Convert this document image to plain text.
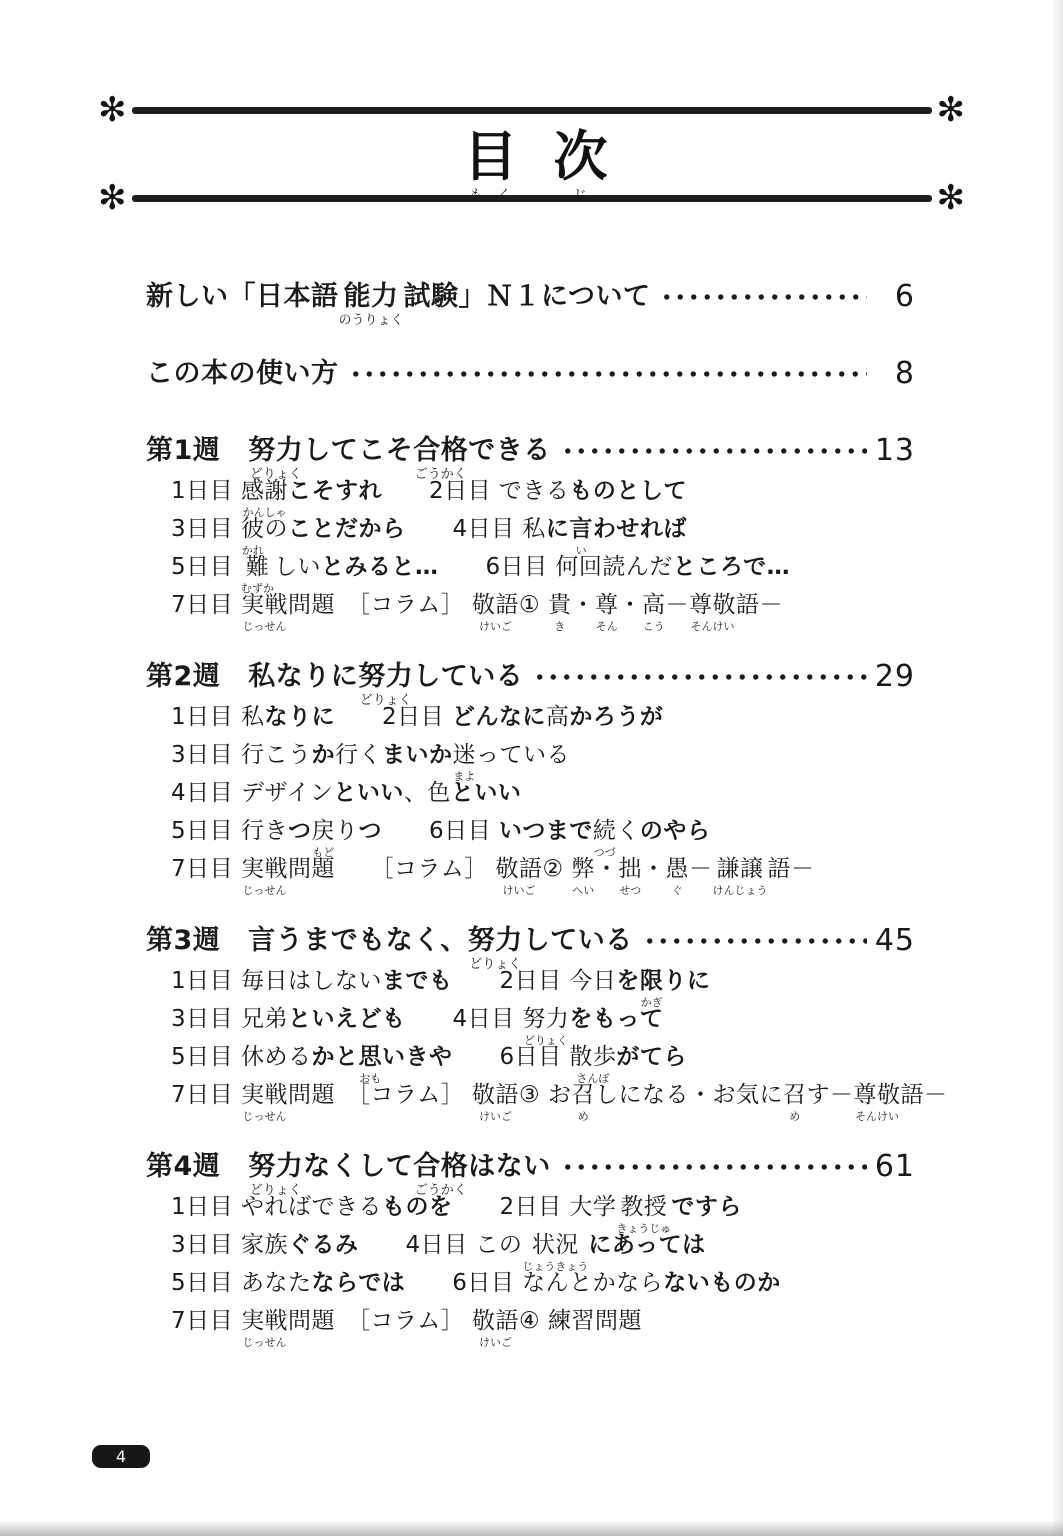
✻	✻
目 次
✻	✻
新しい「日本語 能力
のうりょく
試験」Ｎ１について	6
この本の使い方	8
第1週 努力
どりょく
してこそ 合格
ごうかく
できる	13
1日目 感謝
かんしゃ
こそすれ　　 2日目 できるものとして
3日目 彼
かれ
のことだから　　 4日目 私に 言
い
わせれば
5日目 難
むずか
しいとみると…　　 6日目 何回読んだところで…
7日目 実戦
じっせん
問題　 ［コラム］ 敬語
けいご
① 貴
き
・ 尊
そん
・ 高
こう
－ 尊敬
そんけい
語－
第2週 私なりに 努力
どりょく
している	29
1日目 私なりに　　 2日目 どんなに高かろうが
3日目 行こうか行くまいか 迷
まよ
っている
4日目 デザインといい、色といい
5日目 行きつ 戻
もど
りつ　　 6日目 いつまで 続
つづ
くのやら
7日目 実戦
じっせん
問題　　 ［コラム］ 敬語
けいご
② 弊
へい
・ 拙
せつ
・ 愚
ぐ
－ 謙譲
けんじょう
語－
第3週 言うまでもなく、 努力
どりょく
している	45
1日目 毎日はしないまでも　　 2日目 今日を 限
かぎ
りに
3日目 兄弟といえども　　 4日目 努力
どりょく
をもって
5日目 休めるかと 思
おも
いきや　　 6日目 散歩
さんぽ
がてら
7日目 実戦
じっせん
問題　 ［コラム］ 敬語
けいご
③ お 召
め
しになる・お気に 召
め
す－ 尊敬
そんけい
語－
第4週 努力
どりょく
なくして 合格
ごうかく
はない	61
1日目 やればできるものを　　 2日目 大学 教授
きょうじゅ
ですら
3日目 家族ぐるみ　　 4日目 この 状況
じょうきょう
にあっては
5日目 あなたならでは　　 6日目 なんとかならないものか
7日目 実戦
じっせん
問題　 ［コラム］ 敬語
けいご
④ 練習問題
4
